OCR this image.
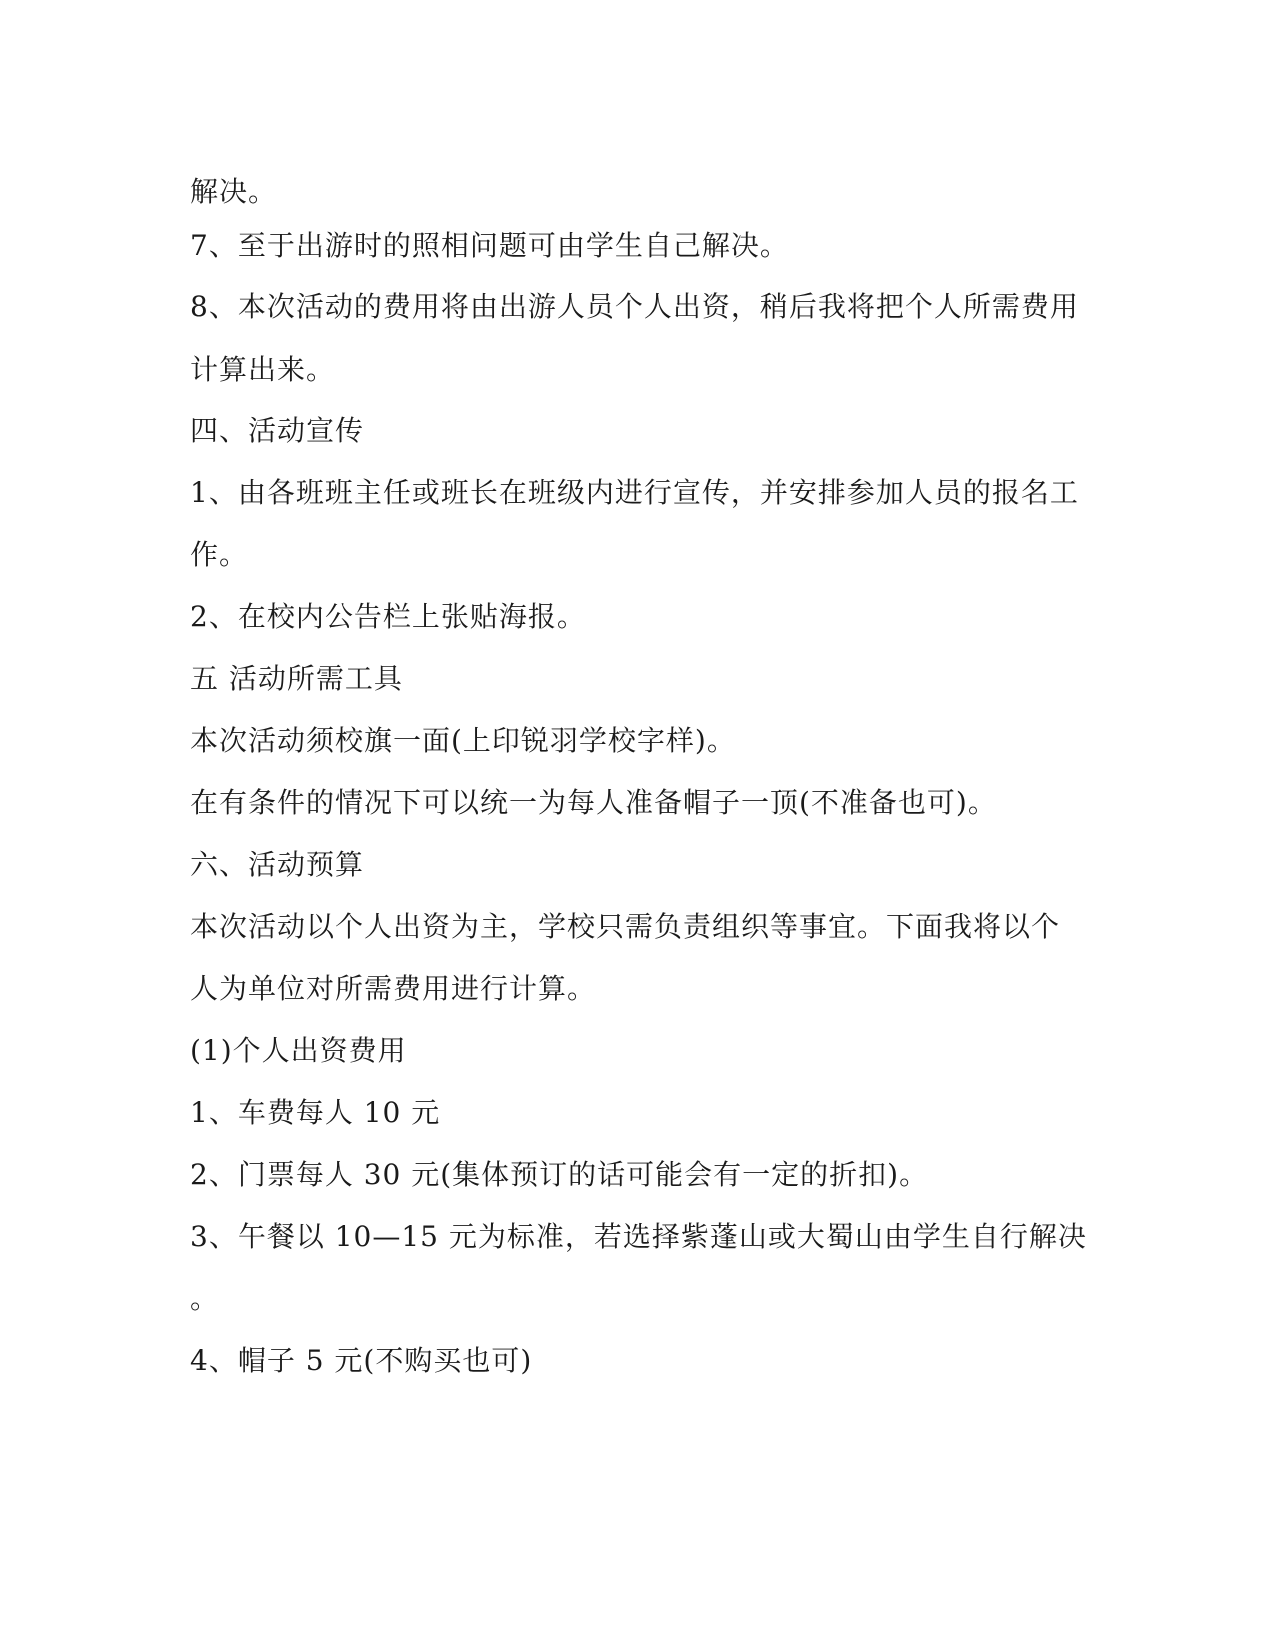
解决。
7、至于出游时的照相问题可由学生自己解决。
8、本次活动的费用将由出游人员个人出资，稍后我将把个人所需费用
计算出来。
四、活动宣传
1、由各班班主任或班长在班级内进行宣传，并安排参加人员的报名工
作。
2、在校内公告栏上张贴海报。
五 活动所需工具
本次活动须校旗一面(上印锐羽学校字样)。
在有条件的情况下可以统一为每人准备帽子一顶(不准备也可)。
六、活动预算
本次活动以个人出资为主，学校只需负责组织等事宜。下面我将以个
人为单位对所需费用进行计算。
(1)个人出资费用
1、车费每人 10 元
2、门票每人 30 元(集体预订的话可能会有一定的折扣)。
3、午餐以 10—15 元为标准，若选择紫蓬山或大蜀山由学生自行解决
。
4、帽子 5 元(不购买也可)
